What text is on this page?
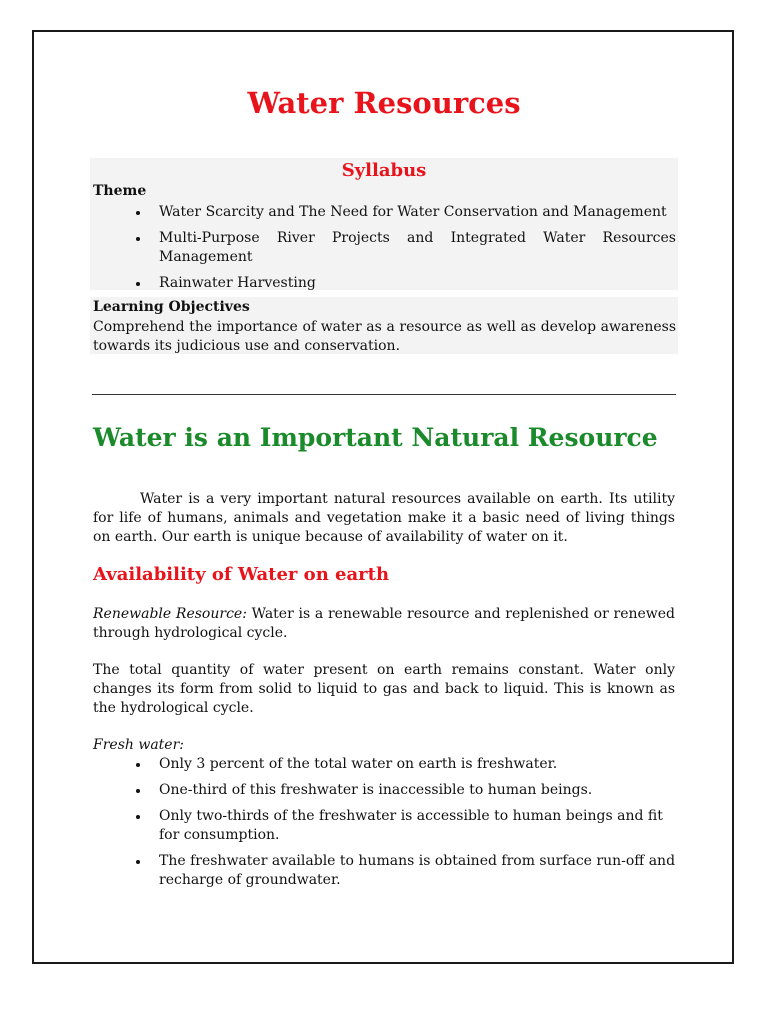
Water Resources
Syllabus
Theme
Water Scarcity and The Need for Water Conservation and Management
Multi-Purpose River Projects and Integrated Water Resources Management
Rainwater Harvesting
Learning Objectives

Comprehend the importance of water as a resource as well as develop awareness towards its judicious use and conservation.

Water is an Important Natural Resource

Water is a very important natural resources available on earth. Its utility for life of humans, animals and vegetation make it a basic need of living things on earth. Our earth is unique because of availability of water on it.

Availability of Water on earth

Renewable Resource: Water is a renewable resource and replenished or renewed through hydrological cycle.

The total quantity of water present on earth remains constant. Water only changes its form from solid to liquid to gas and back to liquid. This is known as the hydrological cycle.

Fresh water:

Only 3 percent of the total water on earth is freshwater.
One-third of this freshwater is inaccessible to human beings.
Only two-thirds of the freshwater is accessible to human beings and fit for consumption.
The freshwater available to humans is obtained from surface run-off and recharge of groundwater.
